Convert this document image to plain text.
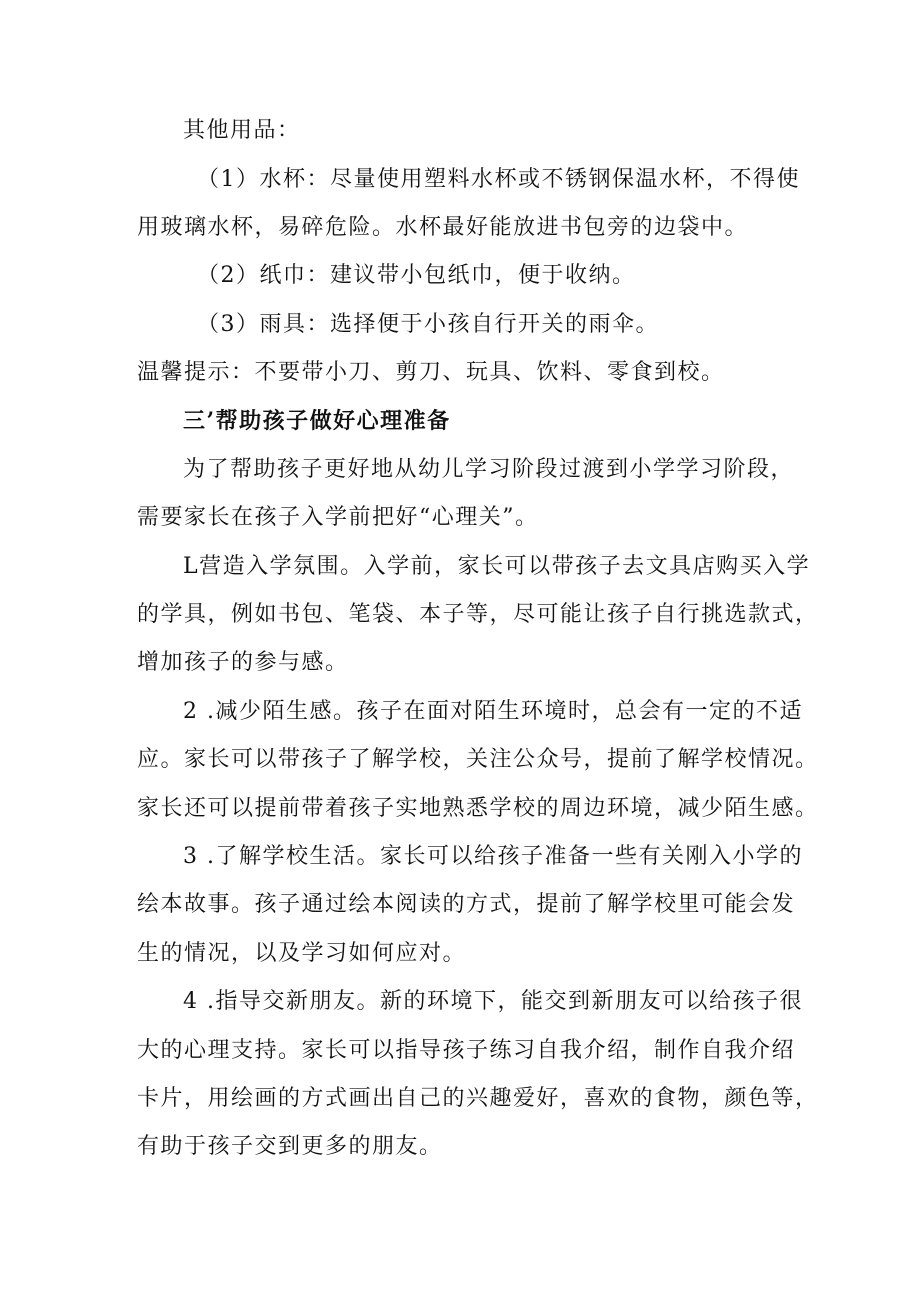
其他用品：
（1）水杯：尽量使用塑料水杯或不锈钢保温水杯，不得使
用玻璃水杯，易碎危险。水杯最好能放进书包旁的边袋中。
（2）纸巾：建议带小包纸巾，便于收纳。
（3）雨具：选择便于小孩自行开关的雨伞。
温馨提示：不要带小刀、剪刀、玩具、饮料、零食到校。
三’帮助孩子做好心理准备
为了帮助孩子更好地从幼儿学习阶段过渡到小学学习阶段，
需要家长在孩子入学前把好“心理关”。
L营造入学氛围。入学前，家长可以带孩子去文具店购买入学
的学具，例如书包、笔袋、本子等，尽可能让孩子自行挑选款式，
增加孩子的参与感。
2 .减少陌生感。孩子在面对陌生环境时，总会有一定的不适
应。家长可以带孩子了解学校，关注公众号，提前了解学校情况。
家长还可以提前带着孩子实地熟悉学校的周边环境，减少陌生感。
3 .了解学校生活。家长可以给孩子准备一些有关刚入小学的
绘本故事。孩子通过绘本阅读的方式，提前了解学校里可能会发
生的情况，以及学习如何应对。
4 .指导交新朋友。新的环境下，能交到新朋友可以给孩子很
大的心理支持。家长可以指导孩子练习自我介绍，制作自我介绍
卡片，用绘画的方式画出自己的兴趣爱好，喜欢的食物，颜色等，
有助于孩子交到更多的朋友。
